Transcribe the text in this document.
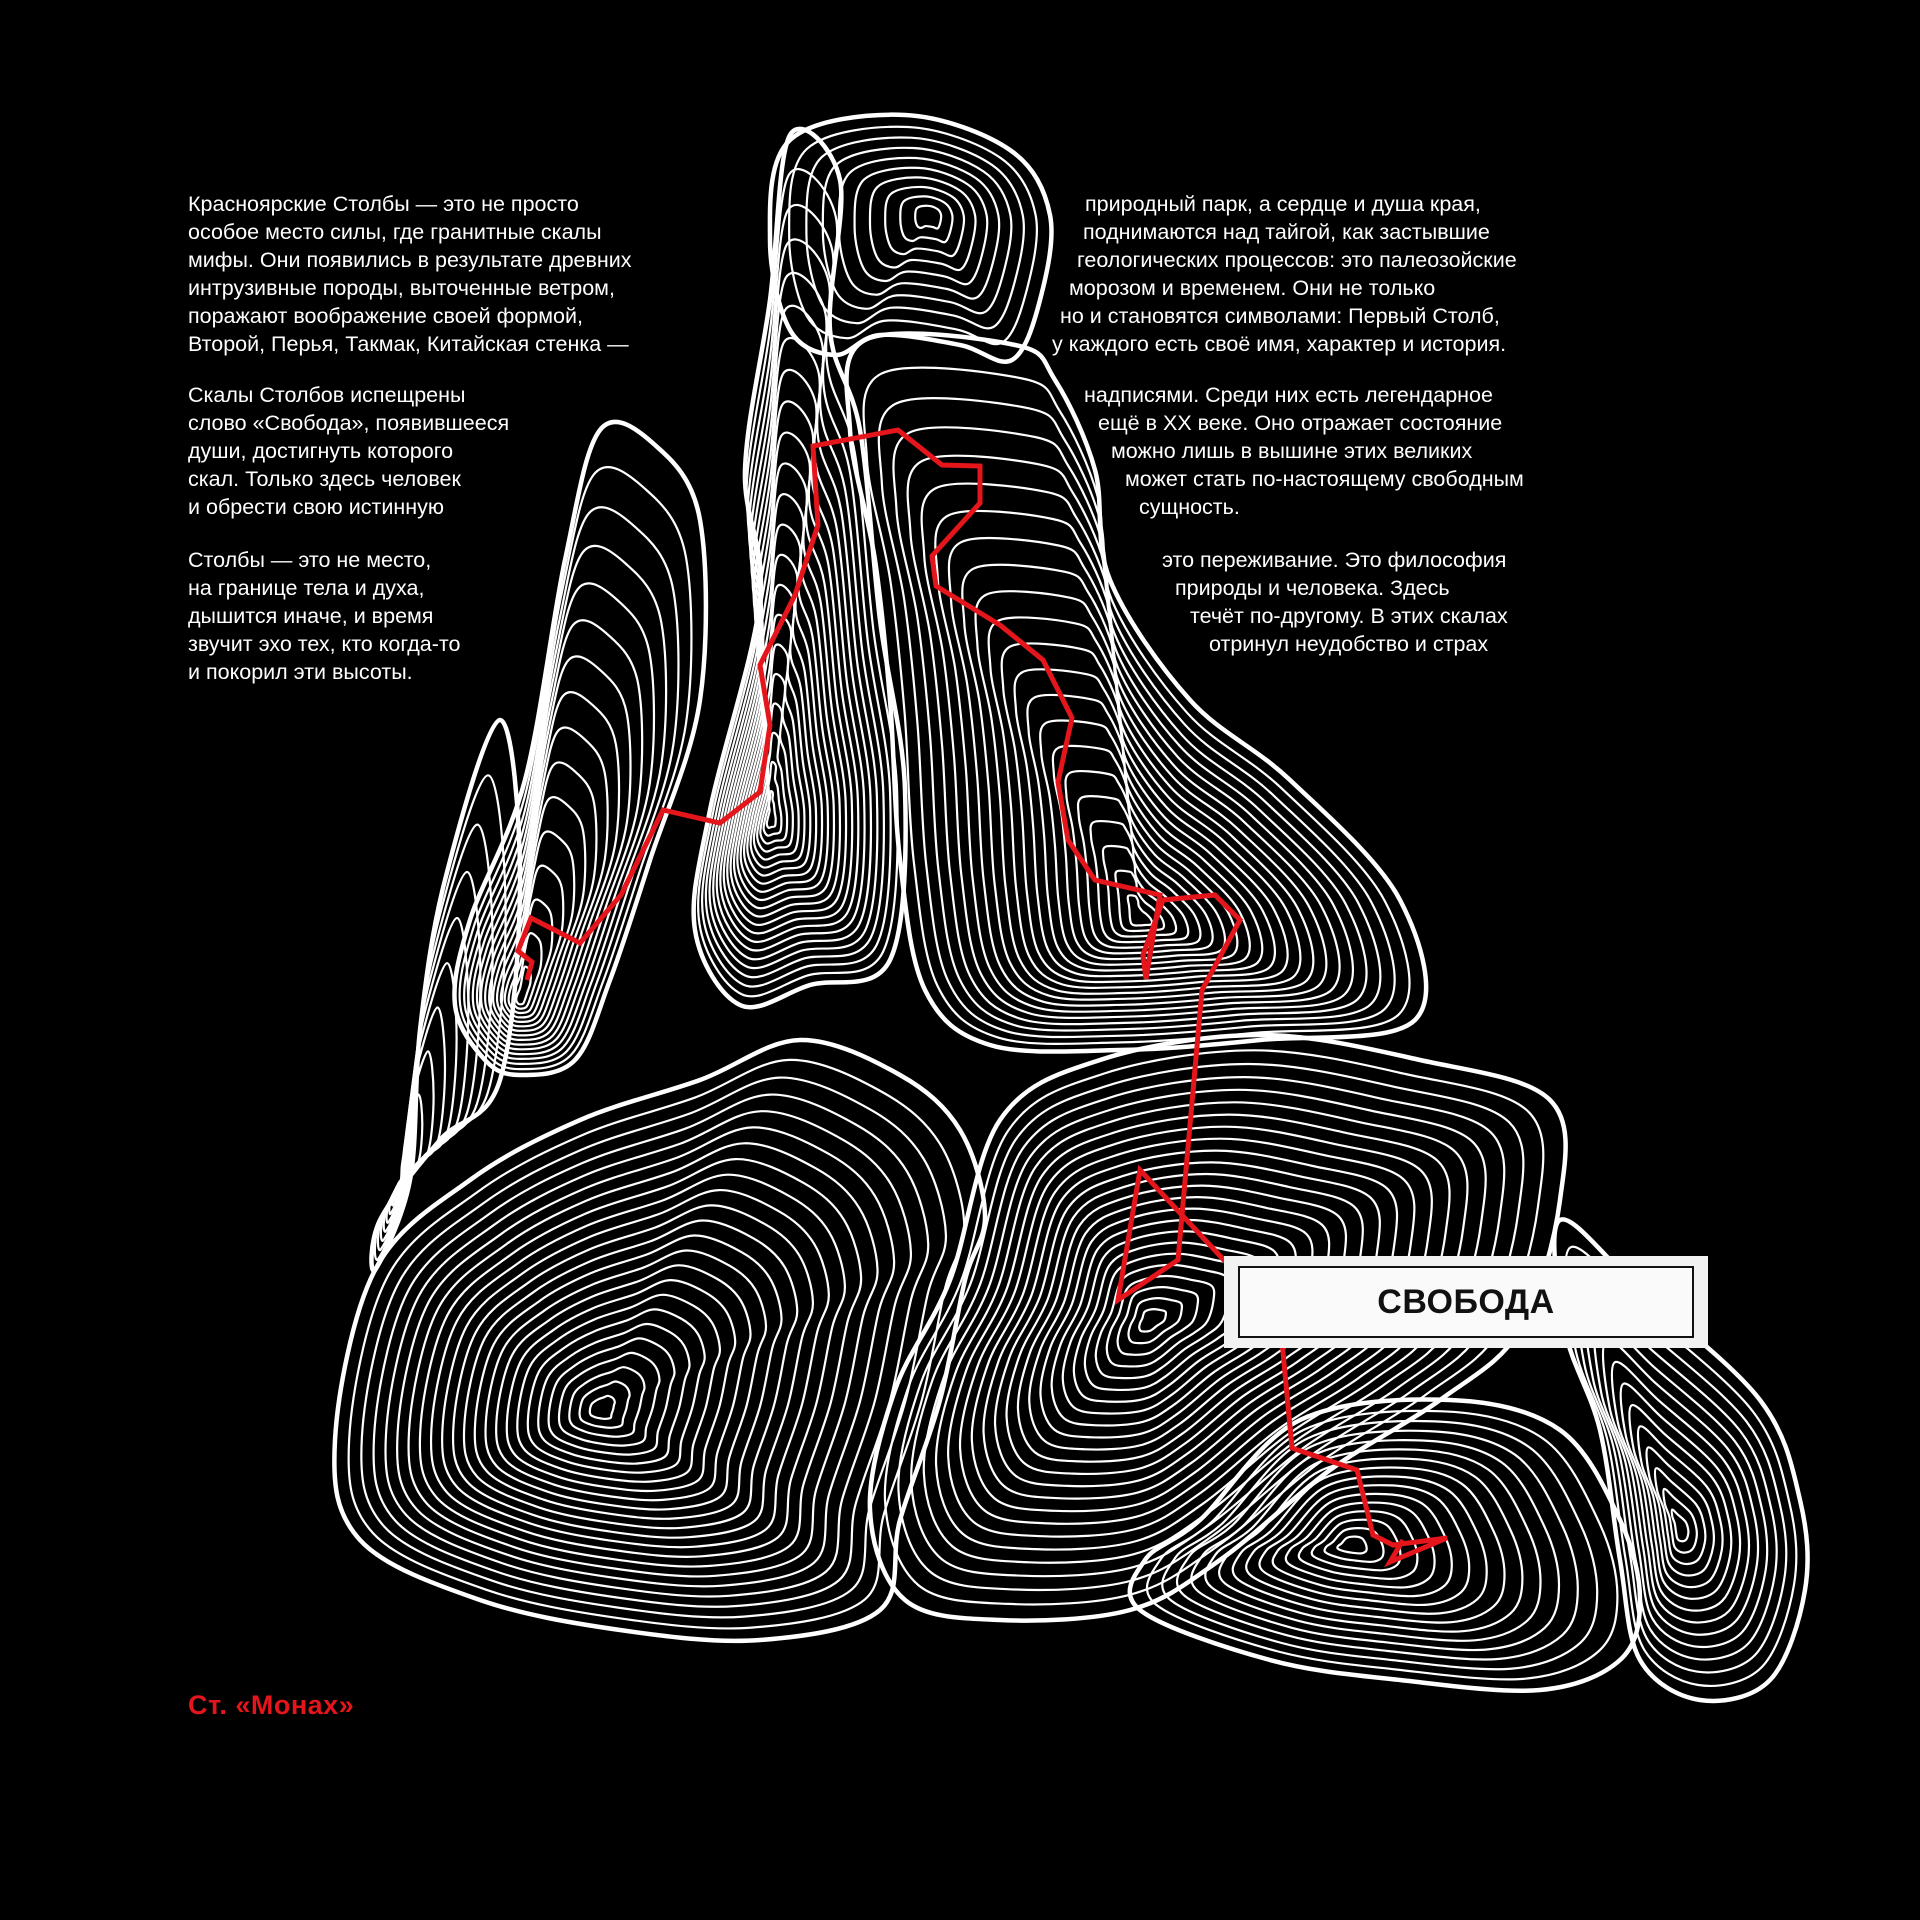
Красноярские Столбы — это не просто
особое место силы, где гранитные скалы
мифы. Они появились в результате древних
интрузивные породы, выточенные ветром,
поражают воображение своей формой,
Второй, Перья, Такмак, Китайская стенка —
Скалы Столбов испещрены
слово «Свобода», появившееся
души, достигнуть которого
скал. Только здесь человек
и обрести свою истинную
Столбы — это не место,
на границе тела и духа,
дышится иначе, и время
звучит эхо тех, кто когда-то
и покорил эти высоты.
природный парк, а сердце и душа края,
поднимаются над тайгой, как застывшие
геологических процессов: это палеозойские
морозом и временем. Они не только
но и становятся символами: Первый Столб,
у каждого есть своё имя, характер и история.
надписями. Среди них есть легендарное
ещё в XX веке. Оно отражает состояние
можно лишь в вышине этих великих
может стать по-настоящему свободным
сущность.
это переживание. Это философия
природы и человека. Здесь
течёт по-другому. В этих скалах
отринул неудобство и страх
СВОБОДА

Ст. «Монах»
